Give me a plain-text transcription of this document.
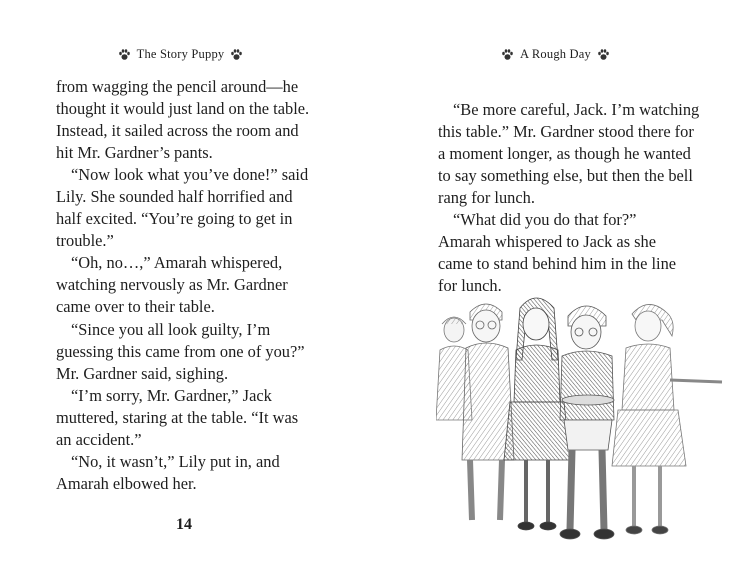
The Story Puppy
from wagging the pencil around—he
thought it would just land on the table.
Instead, it sailed across the room and
hit Mr. Gardner’s pants.
“Now look what you’ve done!” said
Lily. She sounded half horrified and
half excited. “You’re going to get in
trouble.”
“Oh, no…,” Amarah whispered,
watching nervously as Mr. Gardner
came over to their table.
“Since you all look guilty, I’m
guessing this came from one of you?”
Mr. Gardner said, sighing.
“I’m sorry, Mr. Gardner,” Jack
muttered, staring at the table. “It was
an accident.”
“No, it wasn’t,” Lily put in, and
Amarah elbowed her.
14
A Rough Day
“Be more careful, Jack. I’m watching
this table.” Mr. Gardner stood there for
a moment longer, as though he wanted
to say something else, but then the bell
rang for lunch.
“What did you do that for?”
Amarah whispered to Jack as she
came to stand behind him in the line
for lunch.
